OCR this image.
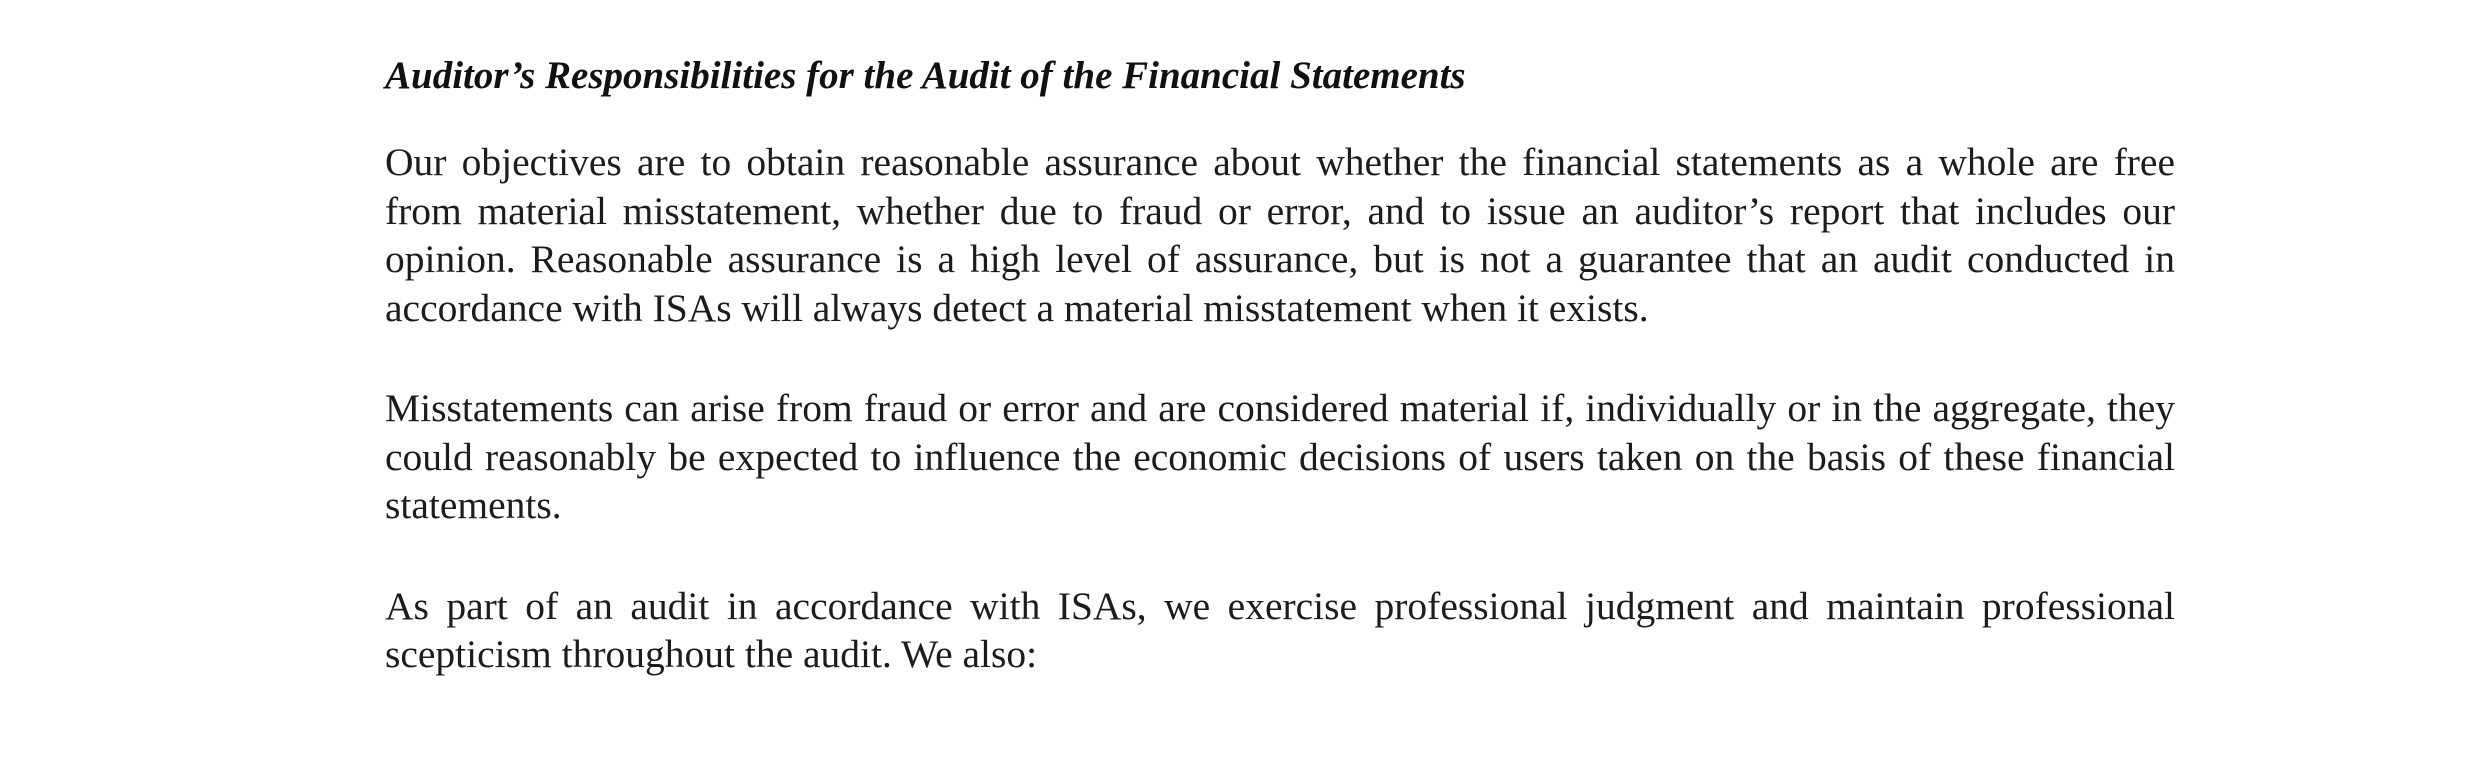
Auditor’s Responsibilities for the Audit of the Financial Statements

Our objectives are to obtain reasonable assurance about whether the financial statements as a whole are free from material misstatement, whether due to fraud or error, and to issue an auditor’s report that includes our opinion. Reasonable assurance is a high level of assurance, but is not a guarantee that an audit conducted in accordance with ISAs will always detect a material misstatement when it exists.

Misstatements can arise from fraud or error and are considered material if, individually or in the aggregate, they could reasonably be expected to influence the economic decisions of users taken on the basis of these financial statements.

As part of an audit in accordance with ISAs, we exercise professional judgment and maintain professional scepticism throughout the audit. We also:
